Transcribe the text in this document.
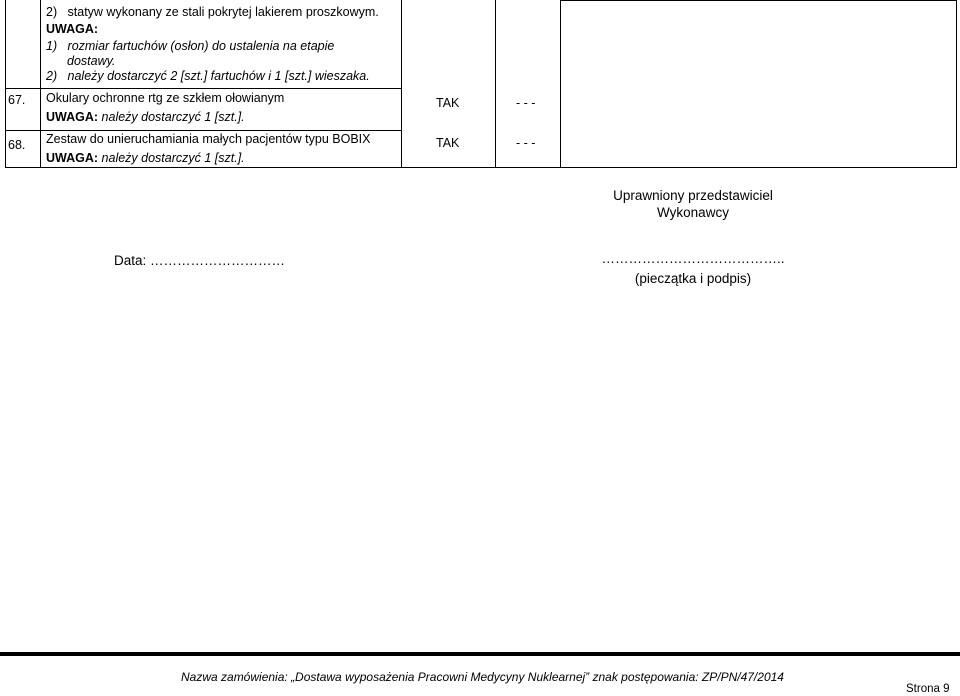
2)   statyw wykonany ze stali pokrytej lakierem proszkowym.
UWAGA:
1)   rozmiar fartuchów (osłon) do ustalenia na etapie
dostawy.
2)   należy dostarczyć 2 [szt.] fartuchów i 1 [szt.] wieszaka.
67. Okulary ochronne rtg ze szkłem ołowianym
UWAGA: należy dostarczyć 1 [szt.].
TAK	- - -
68. Zestaw do unieruchamiania małych pacjentów typu BOBIX
UWAGA: należy dostarczyć 1 [szt.].
TAK	- - -
Uprawniony przedstawiciel
Wykonawcy
Data: …………………………	…………………………………..
(pieczątka i podpis)
Nazwa zamówienia: „Dostawa wyposażenia Pracowni Medycyny Nuklearnej” znak postępowania: ZP/PN/47/2014
Strona 9
